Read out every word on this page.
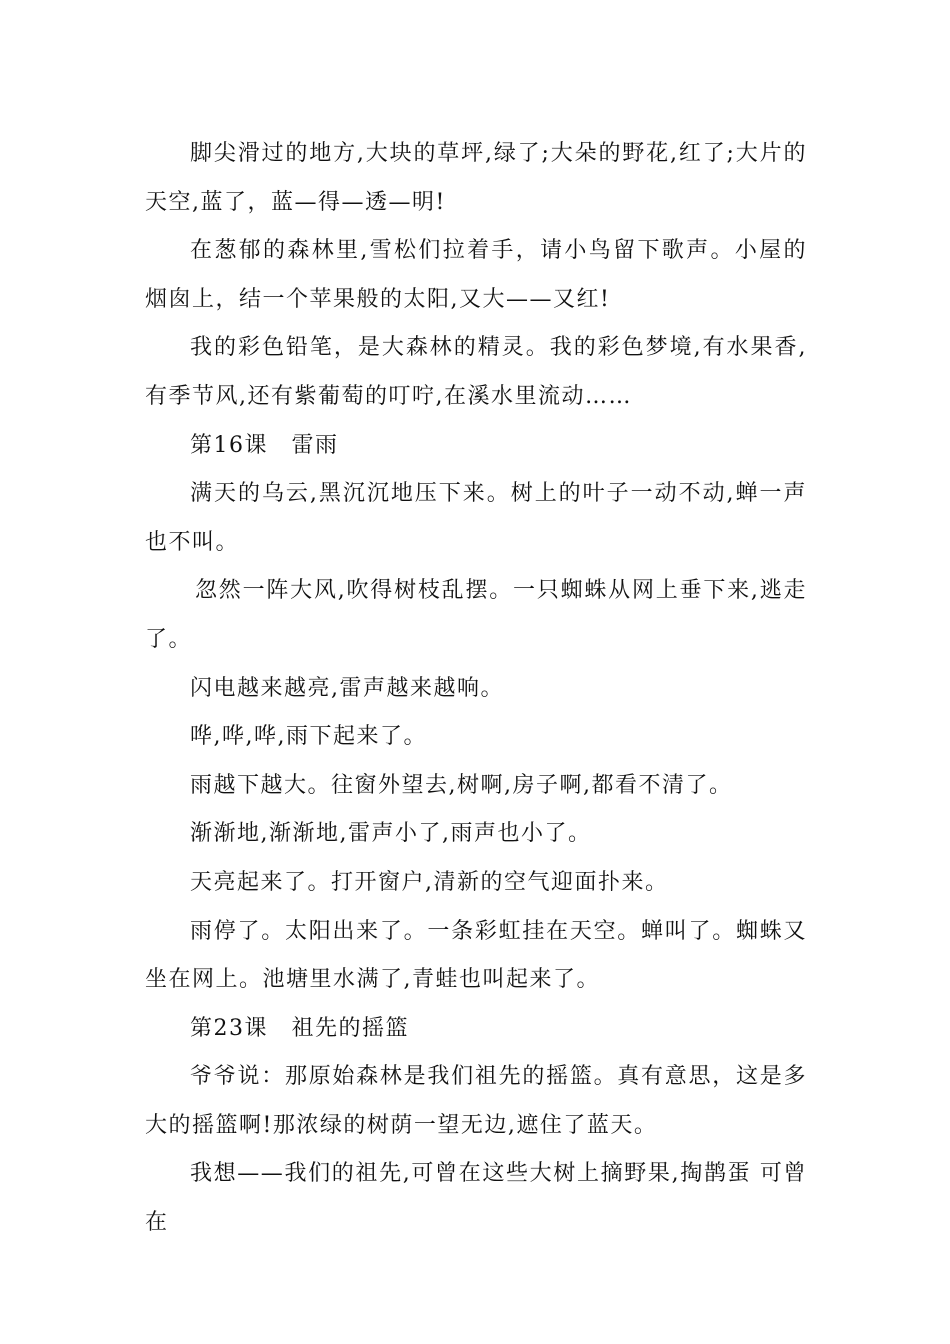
脚尖滑过的地方,大块的草坪,绿了;大朵的野花,红了;大片的天空,蓝了，蓝—得—透—明!

在葱郁的森林里,雪松们拉着手，请小鸟留下歌声。小屋的烟囱上，结一个苹果般的太阳,又大——又红!

我的彩色铅笔，是大森林的精灵。我的彩色梦境,有水果香,有季节风,还有紫葡萄的叮咛,在溪水里流动……

第16课　雷雨

满天的乌云,黑沉沉地压下来。树上的叶子一动不动,蝉一声也不叫。

忽然一阵大风,吹得树枝乱摆。一只蜘蛛从网上垂下来,逃走了。

闪电越来越亮,雷声越来越响。

哗,哗,哗,雨下起来了。

雨越下越大。往窗外望去,树啊,房子啊,都看不清了。

渐渐地,渐渐地,雷声小了,雨声也小了。

天亮起来了。打开窗户,清新的空气迎面扑来。

雨停了。太阳出来了。一条彩虹挂在天空。蝉叫了。蜘蛛又坐在网上。池塘里水满了,青蛙也叫起来了。

第23课　祖先的摇篮

爷爷说：那原始森林是我们祖先的摇篮。真有意思，这是多大的摇篮啊!那浓绿的树荫一望无边,遮住了蓝天。

我想——我们的祖先,可曾在这些大树上摘野果,掏鹊蛋 可曾在
